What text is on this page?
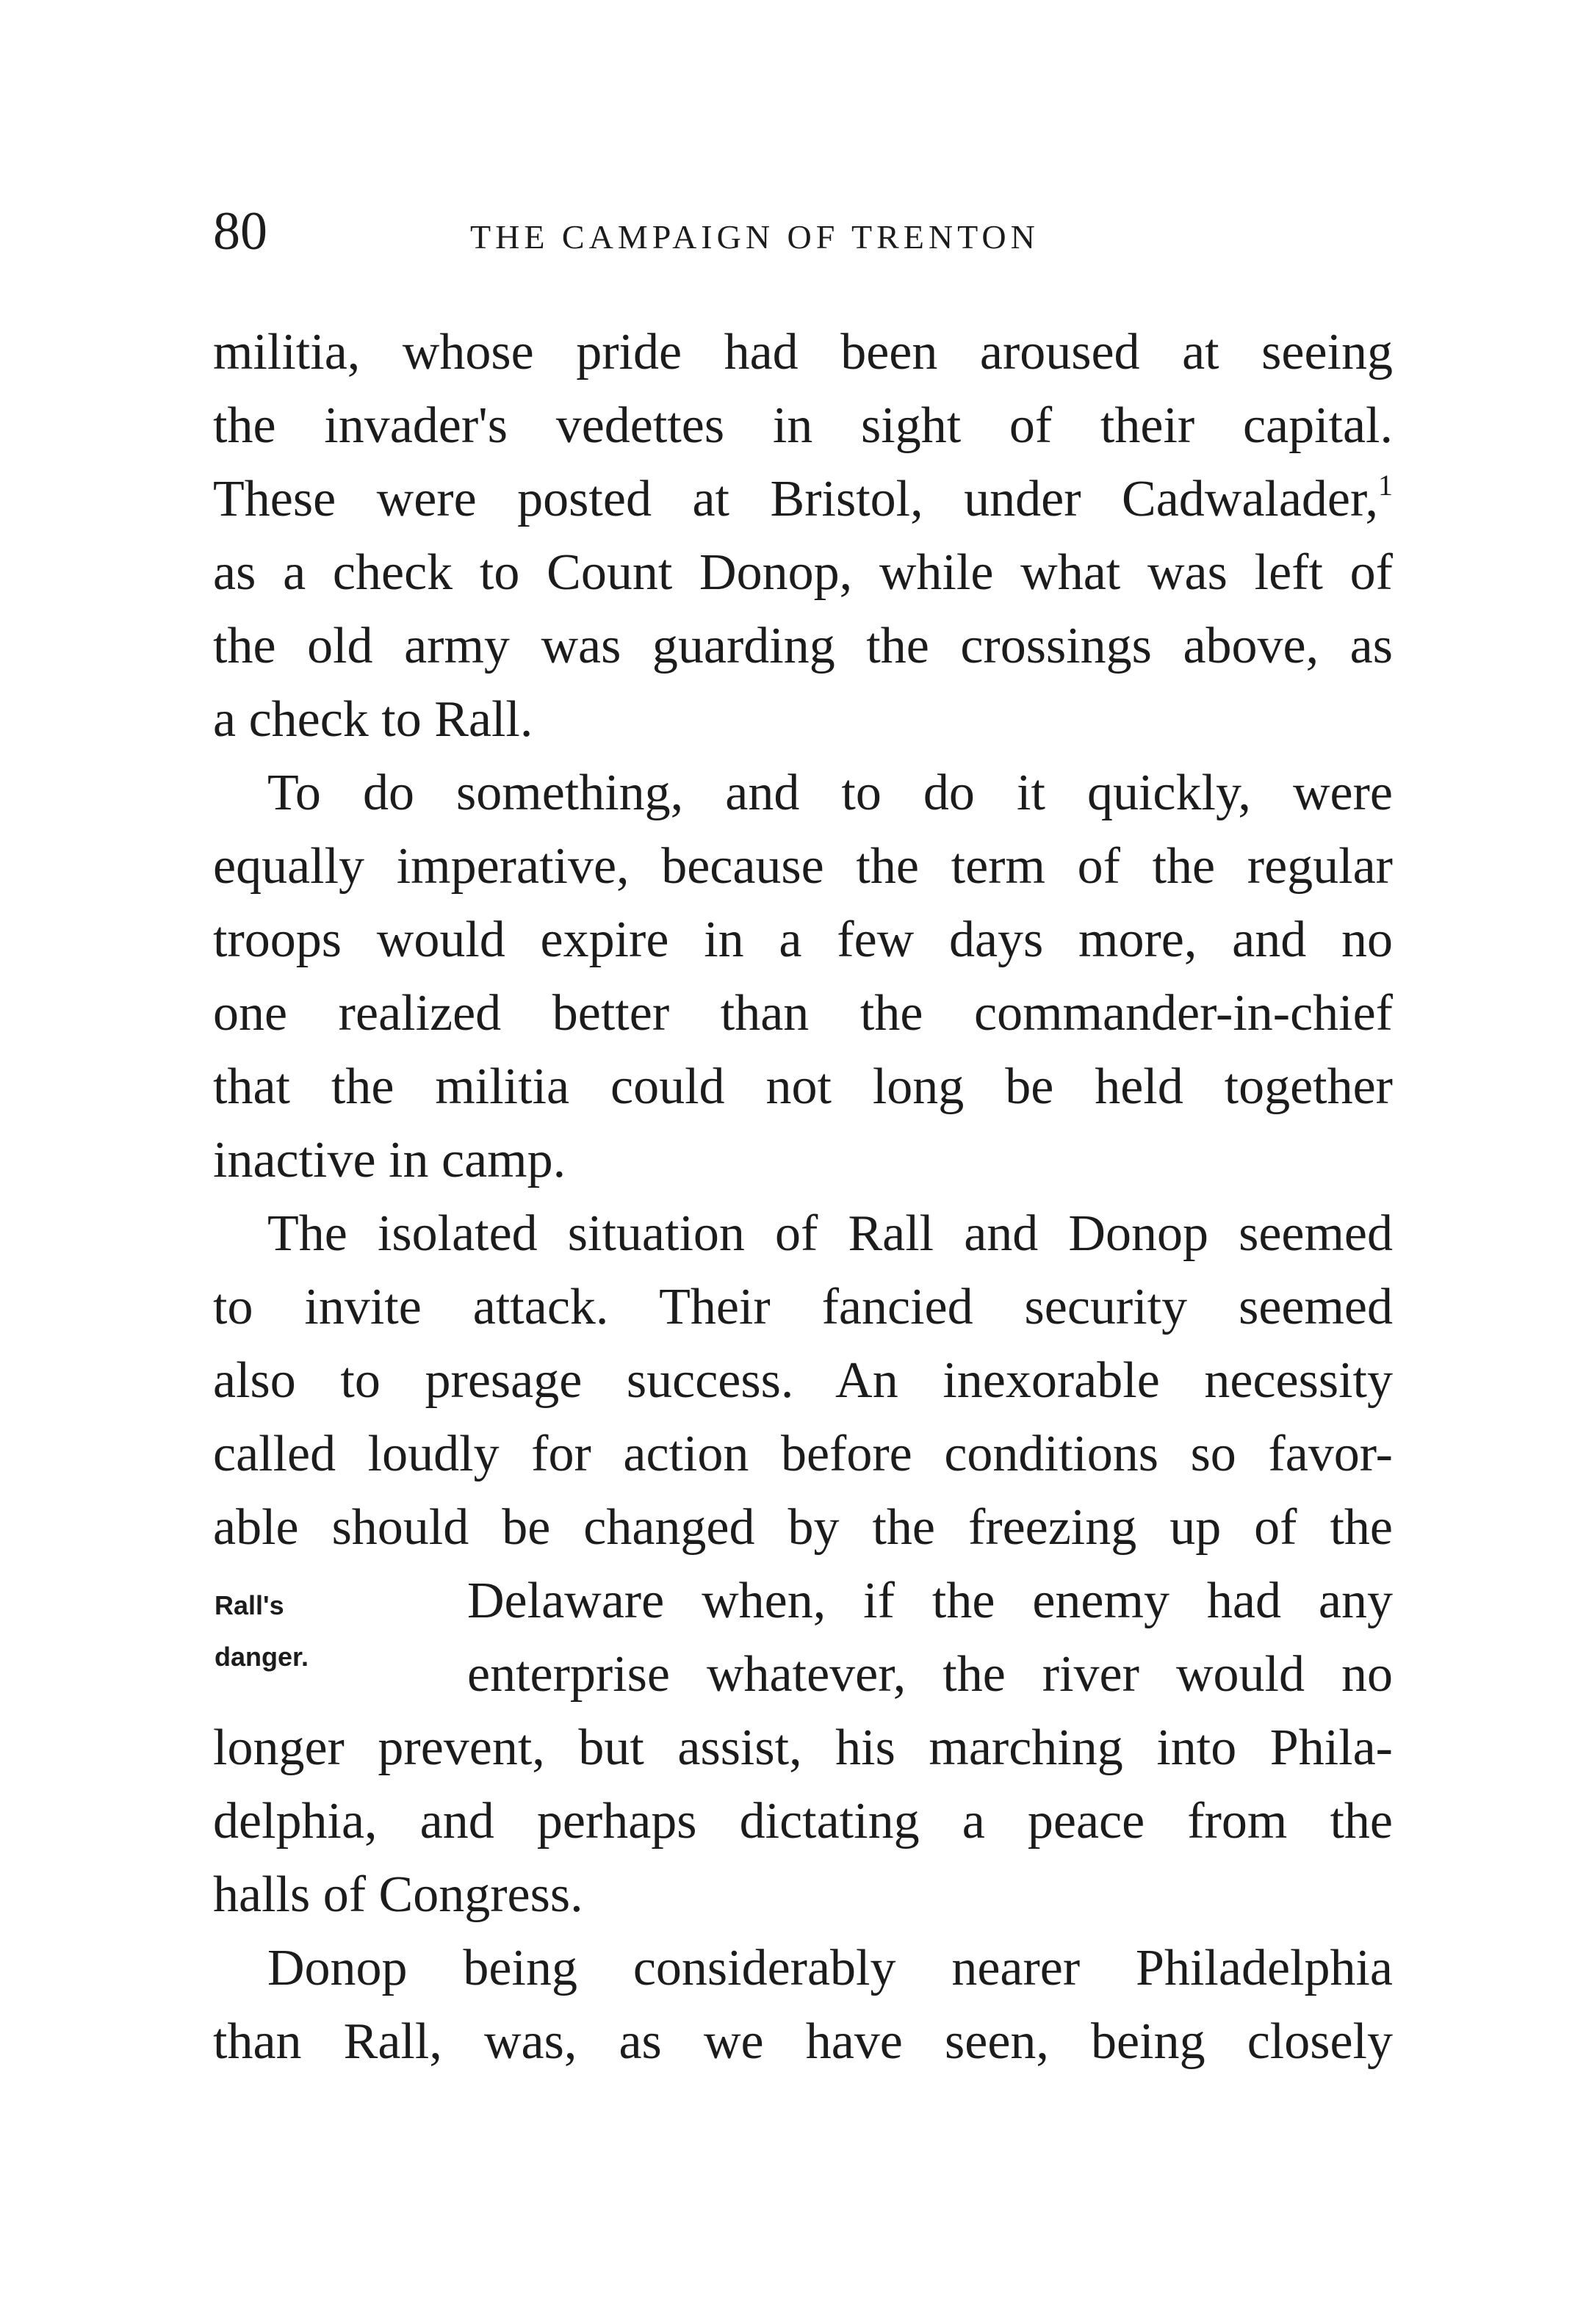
80	THE CAMPAIGN OF TRENTON
militia, whose pride had been aroused at seeing
the invader's vedettes in sight of their capital.
These were posted at Bristol, under Cadwalader,$^1$
as a check to Count Donop, while what was left of
the old army was guarding the crossings above, as
a check to Rall.
To do something, and to do it quickly, were
equally imperative, because the term of the regular
troops would expire in a few days more, and no
one realized better than the commander-in-chief
that the militia could not long be held together
inactive in camp.
The isolated situation of Rall and Donop seemed
to invite attack. Their fancied security seemed
also to presage success. An inexorable necessity
called loudly for action before conditions so favor-
able should be changed by the freezing up of the
Delaware when, if the enemy had any
enterprise whatever, the river would no
longer prevent, but assist, his marching into Phila-
delphia, and perhaps dictating a peace from the
halls of Congress.
Rall's
danger.
Donop being considerably nearer Philadelphia
than Rall, was, as we have seen, being closely
